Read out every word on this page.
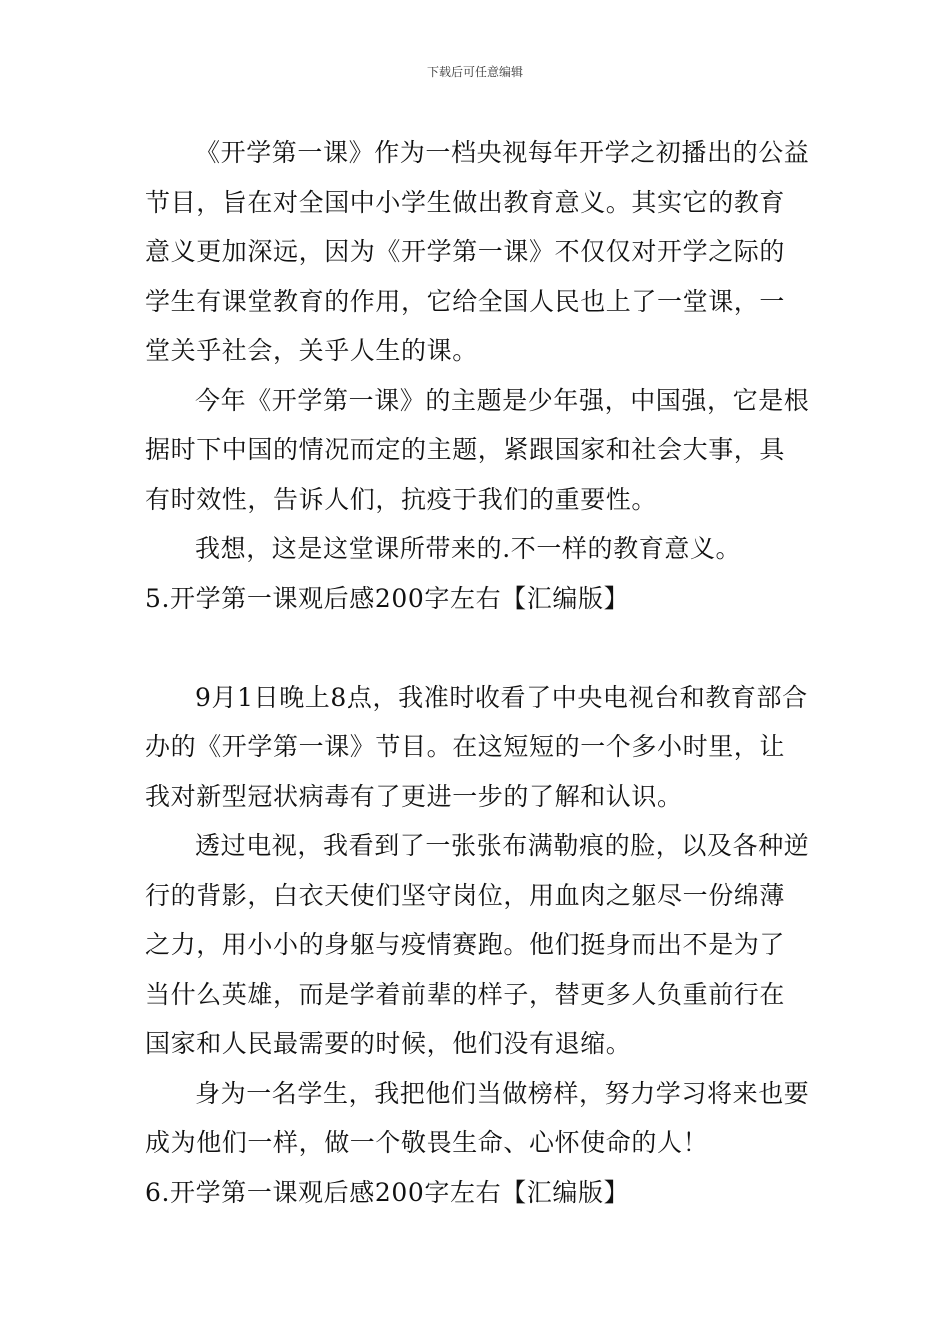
下载后可任意编辑

《开学第一课》作为一档央视每年开学之初播出的公益节目，旨在对全国中小学生做出教育意义。其实它的教育意义更加深远，因为《开学第一课》不仅仅对开学之际的学生有课堂教育的作用，它给全国人民也上了一堂课，一堂关乎社会，关乎人生的课。

今年《开学第一课》的主题是少年强，中国强，它是根据时下中国的情况而定的主题，紧跟国家和社会大事，具有时效性，告诉人们，抗疫于我们的重要性。

我想，这是这堂课所带来的.不一样的教育意义。

5.开学第一课观后感200字左右【汇编版】

9月1日晚上8点，我准时收看了中央电视台和教育部合办的《开学第一课》节目。在这短短的一个多小时里，让我对新型冠状病毒有了更进一步的了解和认识。

透过电视，我看到了一张张布满勒痕的脸，以及各种逆行的背影，白衣天使们坚守岗位，用血肉之躯尽一份绵薄之力，用小小的身躯与疫情赛跑。他们挺身而出不是为了当什么英雄，而是学着前辈的样子，替更多人负重前行在国家和人民最需要的时候，他们没有退缩。

身为一名学生，我把他们当做榜样，努力学习将来也要成为他们一样，做一个敬畏生命、心怀使命的人！

6.开学第一课观后感200字左右【汇编版】
